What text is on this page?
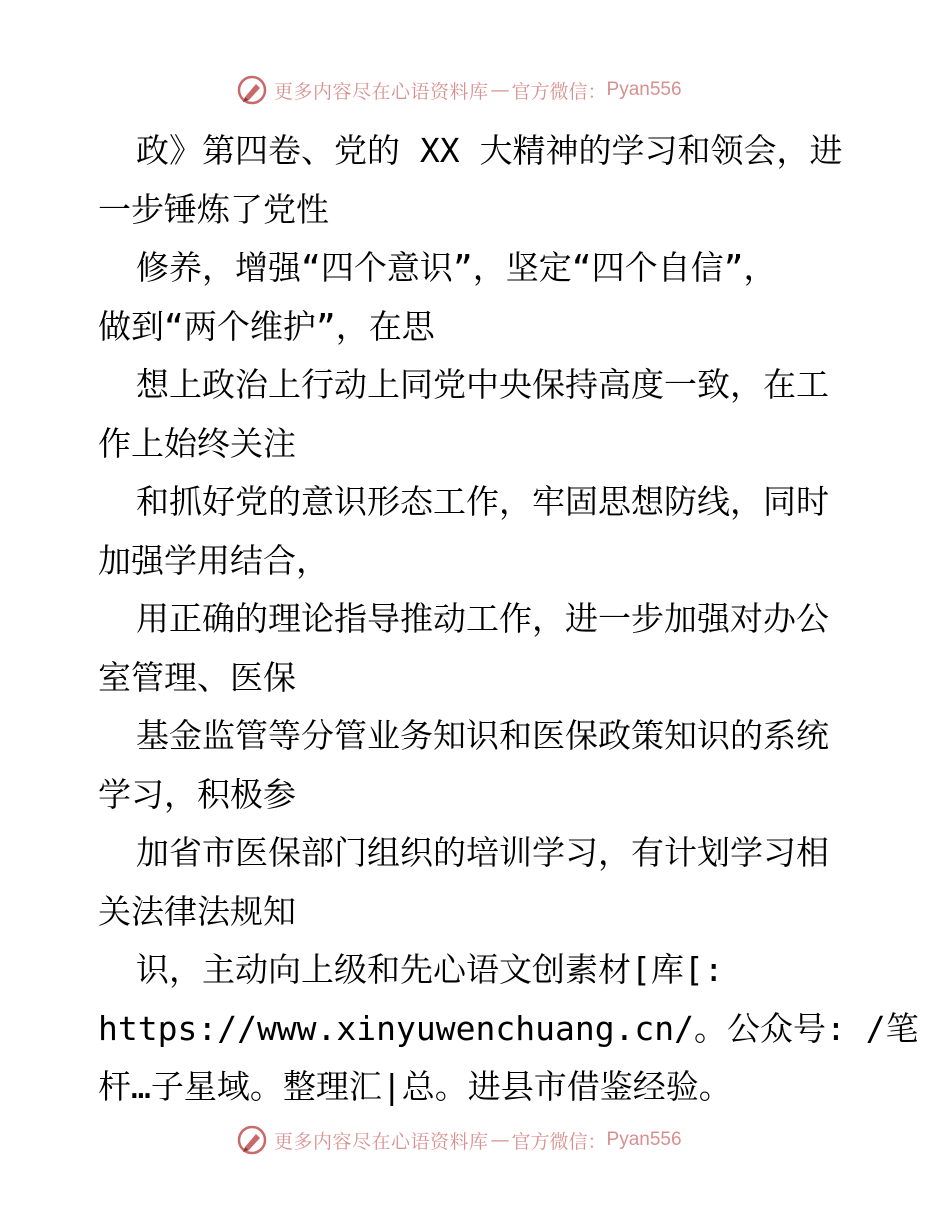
更多内容尽在心语资料库 — 官方微信： Pyan556
政》第四卷、党的 XX 大精神的学习和领会，进
一步锤炼了党性
修养，增强“四个意识”，坚定“四个自信”，
做到“两个维护”，在思
想上政治上行动上同党中央保持高度一致，在工
作上始终关注
和抓好党的意识形态工作，牢固思想防线，同时
加强学用结合，
用正确的理论指导推动工作，进一步加强对办公
室管理、医保
基金监管等分管业务知识和医保政策知识的系统
学习，积极参
加省市医保部门组织的培训学习，有计划学习相
关法律法规知
识，主动向上级和先心语文创素材[库[:
https://www.xinyuwenchuang.cn/。公众号: /笔
杆…子星域。整理汇|总。进县市借鉴经验。
更多内容尽在心语资料库 — 官方微信： Pyan556
